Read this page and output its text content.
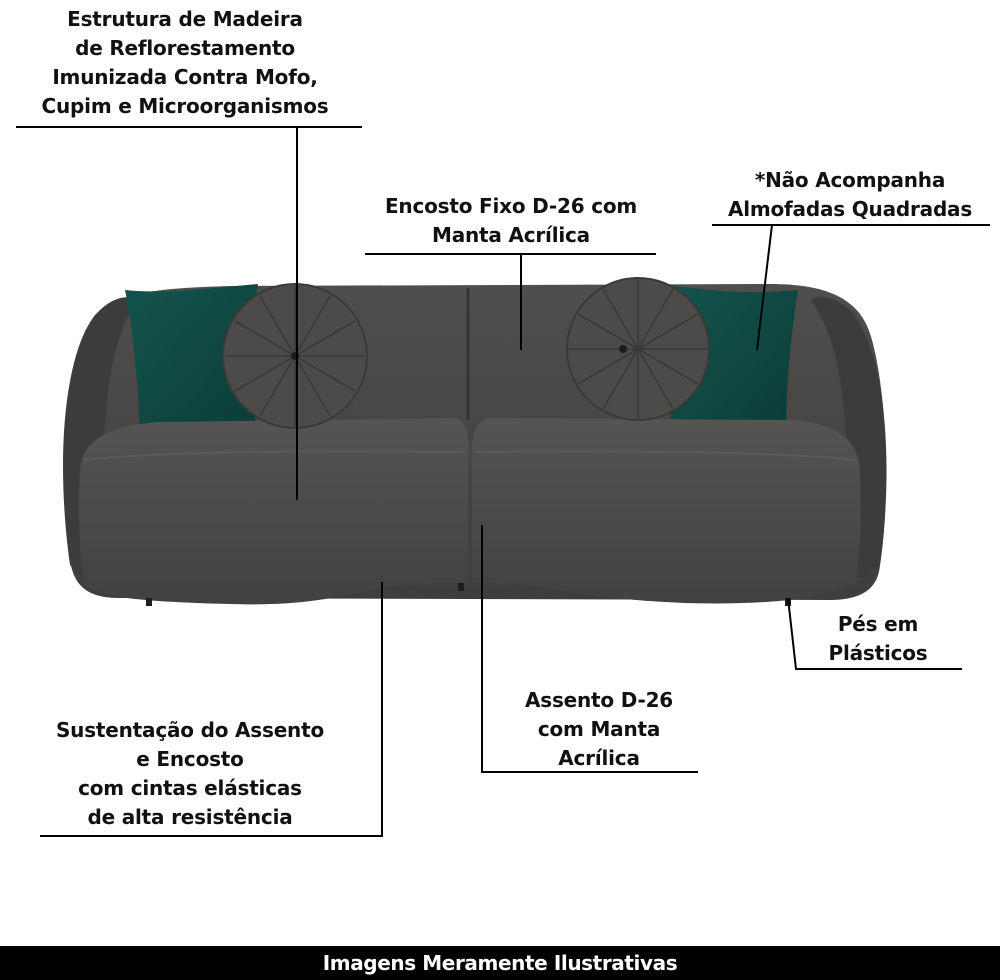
Estrutura de Madeira
de Reflorestamento
Imunizada Contra Mofo,
Cupim e Microorganismos

Encosto Fixo D-26 com
Manta Acrílica

*Não Acompanha
Almofadas Quadradas

Pés em
Plásticos

Assento D-26
com Manta
Acrílica

Sustentação do Assento
e Encosto
com cintas elásticas
de alta resistência

Imagens Meramente Ilustrativas
